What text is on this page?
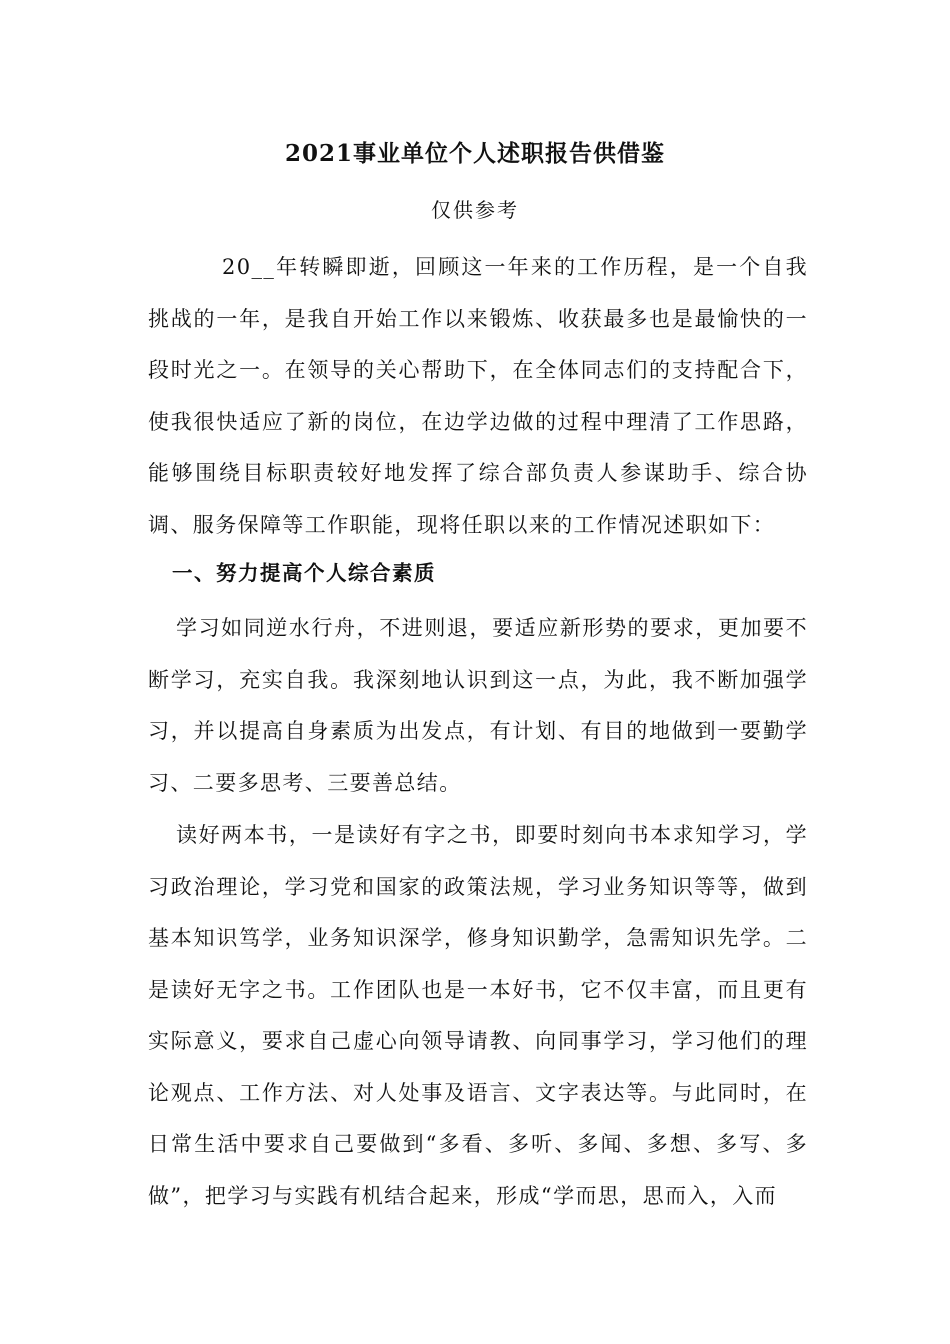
2021事业单位个人述职报告供借鉴
仅供参考

20__年转瞬即逝，回顾这一年来的工作历程，是一个自我挑战的一年，是我自开始工作以来锻炼、收获最多也是最愉快的一段时光之一。在领导的关心帮助下，在全体同志们的支持配合下，使我很快适应了新的岗位，在边学边做的过程中理清了工作思路，能够围绕目标职责较好地发挥了综合部负责人参谋助手、综合协调、服务保障等工作职能，现将任职以来的工作情况述职如下：

一、努力提高个人综合素质

学习如同逆水行舟，不进则退，要适应新形势的要求，更加要不断学习，充实自我。我深刻地认识到这一点，为此，我不断加强学习，并以提高自身素质为出发点，有计划、有目的地做到一要勤学习、二要多思考、三要善总结。

读好两本书，一是读好有字之书，即要时刻向书本求知学习，学习政治理论，学习党和国家的政策法规，学习业务知识等等，做到基本知识笃学，业务知识深学，修身知识勤学，急需知识先学。二是读好无字之书。工作团队也是一本好书，它不仅丰富，而且更有实际意义，要求自己虚心向领导请教、向同事学习，学习他们的理论观点、工作方法、对人处事及语言、文字表达等。与此同时，在日常生活中要求自己要做到“多看、多听、多闻、多想、多写、多做”，把学习与实践有机结合起来，形成“学而思，思而入，入而
